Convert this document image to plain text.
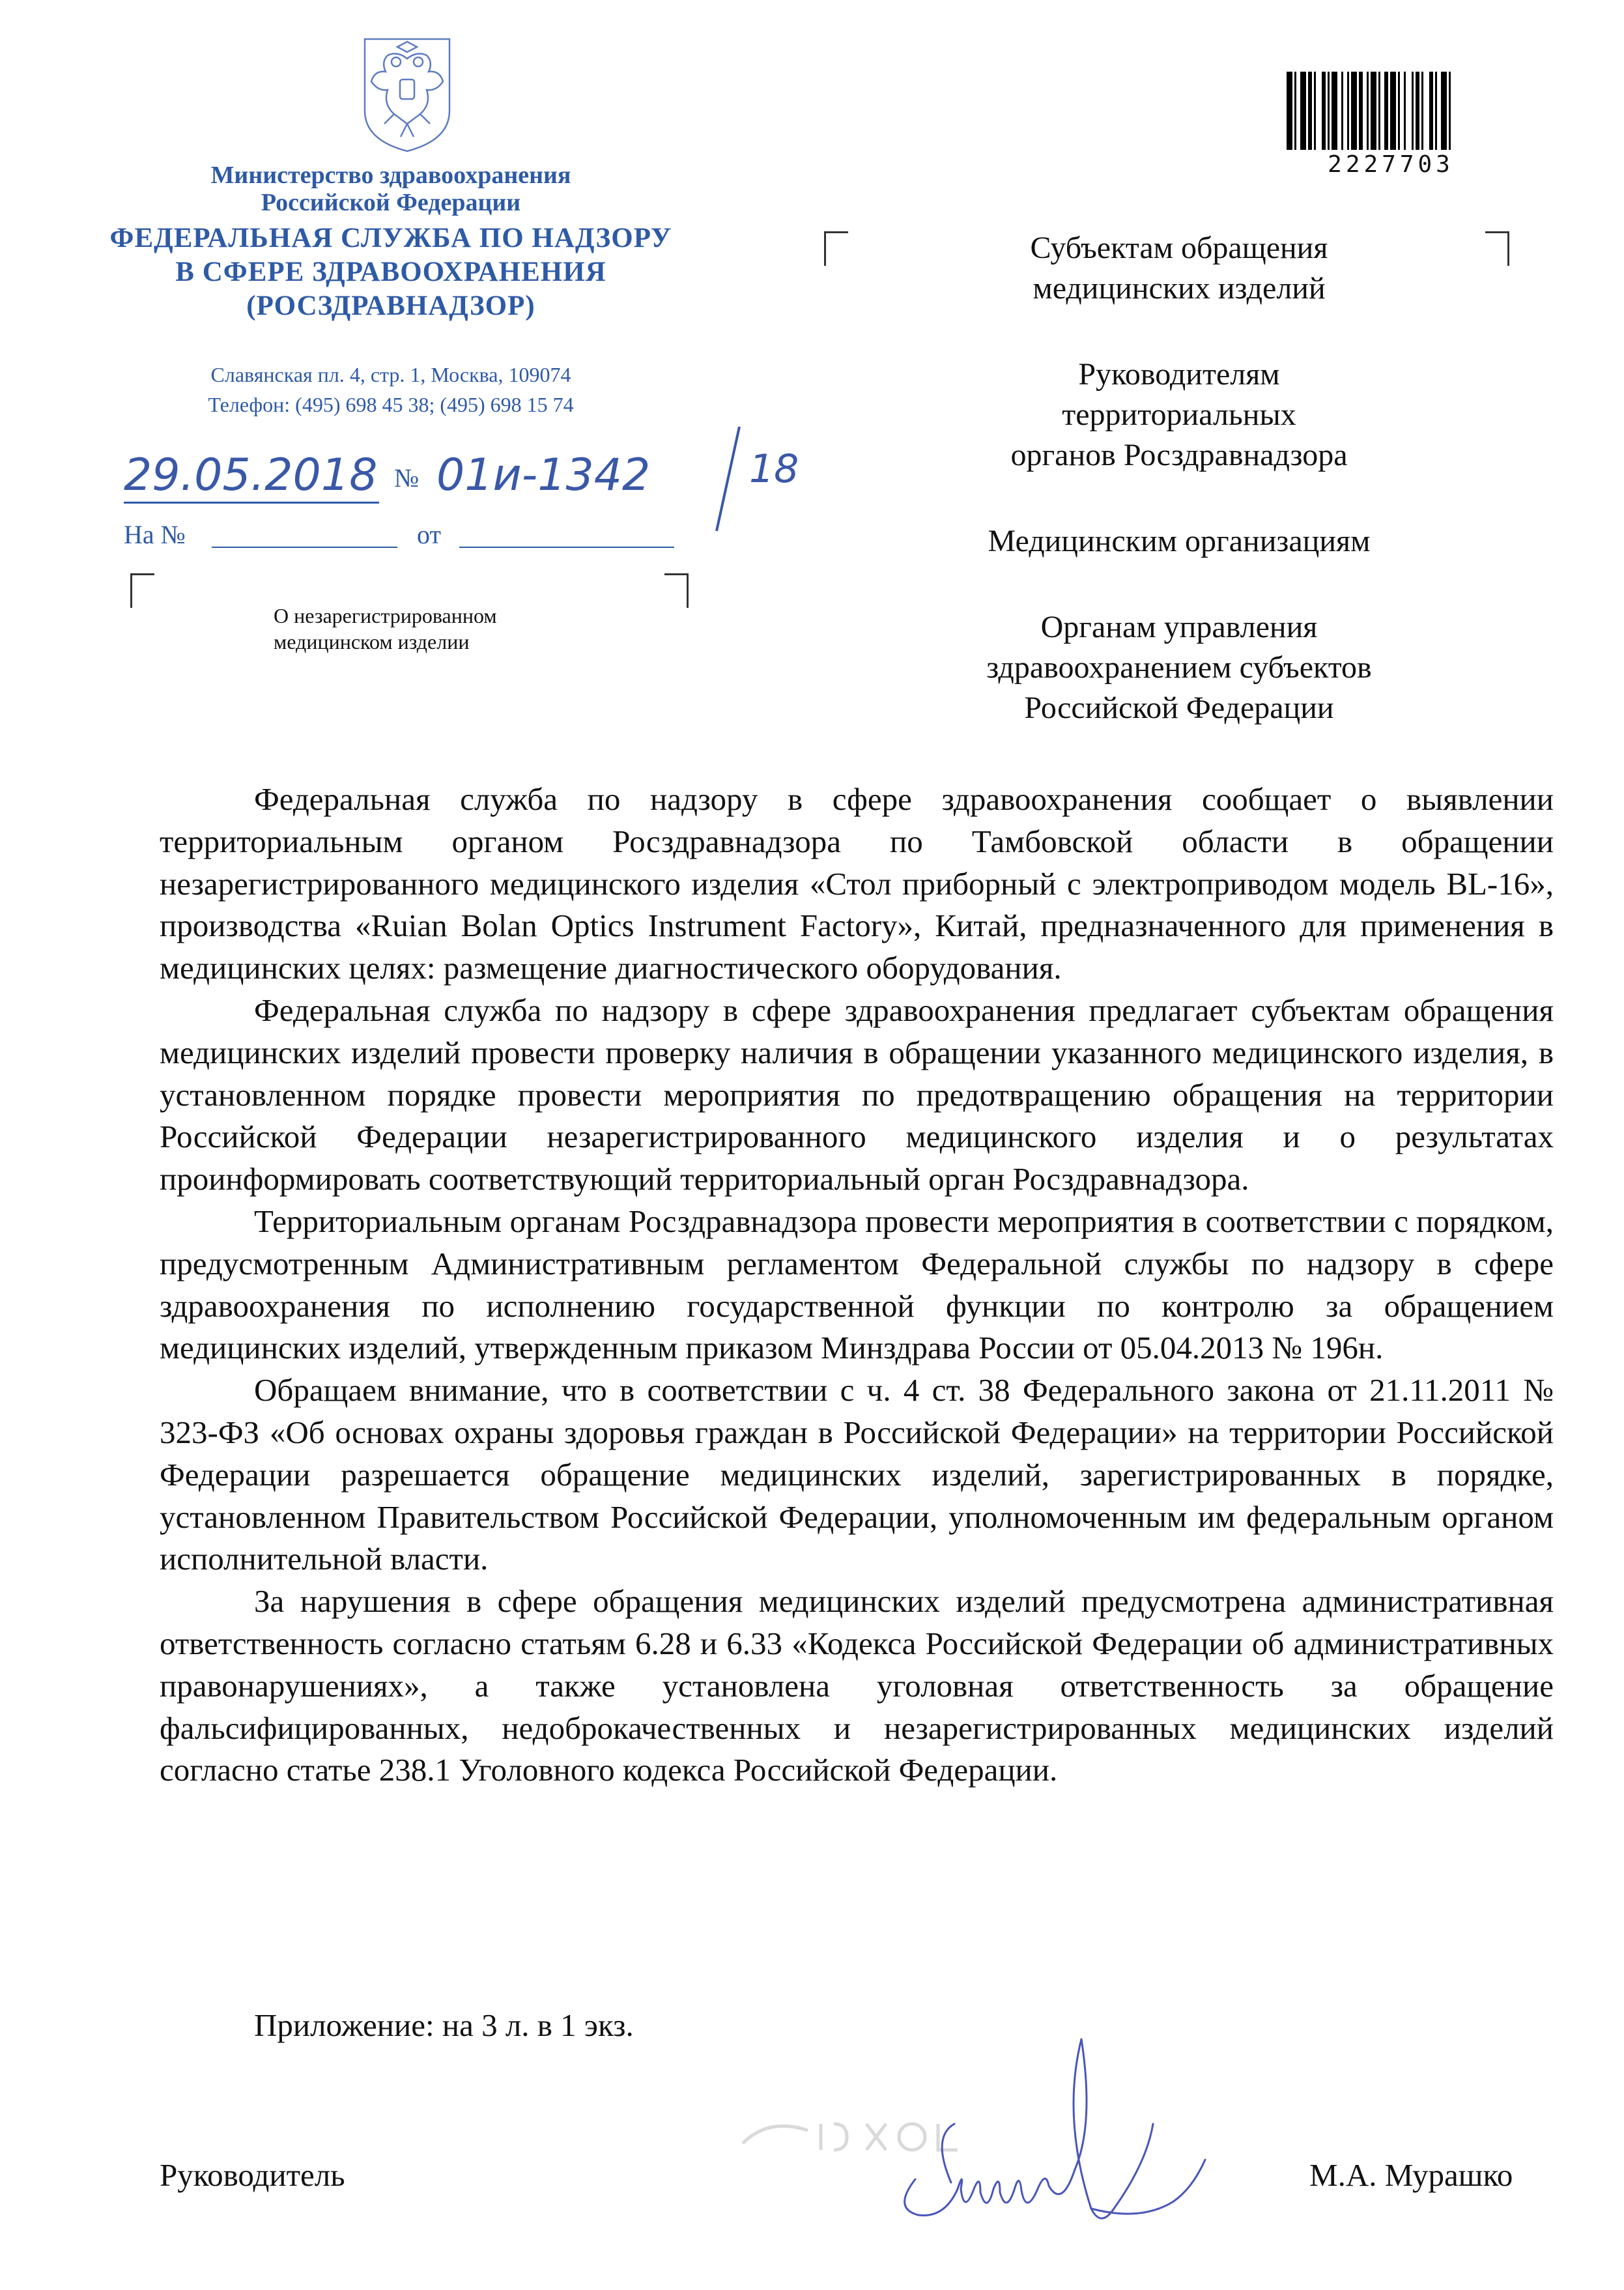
Министерство здравоохранения
Российской Федерации
ФЕДЕРАЛЬНАЯ СЛУЖБА ПО НАДЗОРУ
В СФЕРЕ ЗДРАВООХРАНЕНИЯ
(РОСЗДРАВНАДЗОР)
Славянская пл. 4, стр. 1, Москва, 109074
Телефон: (495) 698 45 38; (495) 698 15 74
29.05.2018 № 01и-1342	18
На №	от
О незарегистрированном
медицинском изделии
2227703
Субъектам обращения
медицинских изделий
Руководителям
территориальных
органов Росздравнадзора
Медицинским организациям
Органам управления
здравоохранением субъектов
Российской Федерации

Федеральная служба по надзору в сфере здравоохранения сообщает о выявлении территориальным органом Росздравнадзора по Тамбовской области в обращении незарегистрированного медицинского изделия «Стол приборный с электроприводом модель BL-16», производства «Ruian Bolan Optics Instrument Factory», Китай, предназначенного для применения в медицинских целях: размещение диагностического оборудования.

Федеральная служба по надзору в сфере здравоохранения предлагает субъектам обращения медицинских изделий провести проверку наличия в обращении указанного медицинского изделия, в установленном порядке провести мероприятия по предотвращению обращения на территории Российской Федерации незарегистрированного медицинского изделия и о результатах проинформировать соответствующий территориальный орган Росздравнадзора.

Территориальным органам Росздравнадзора провести мероприятия в соответствии с порядком, предусмотренным Административным регламентом Федеральной службы по надзору в сфере здравоохранения по исполнению государственной функции по контролю за обращением медицинских изделий, утвержденным приказом Минздрава России от 05.04.2013 № 196н.

Обращаем внимание, что в соответствии с ч. 4 ст. 38 Федерального закона от 21.11.2011 № 323-ФЗ «Об основах охраны здоровья граждан в Российской Федерации» на территории Российской Федерации разрешается обращение медицинских изделий, зарегистрированных в порядке, установленном Правительством Российской Федерации, уполномоченным им федеральным органом исполнительной власти.

За нарушения в сфере обращения медицинских изделий предусмотрена административная ответственность согласно статьям 6.28 и 6.33 «Кодекса Российской Федерации об административных правонарушениях», а также установлена уголовная ответственность за обращение фальсифицированных, недоброкачественных и незарегистрированных медицинских изделий согласно статье 238.1 Уголовного кодекса Российской Федерации.

Приложение: на 3 л. в 1 экз.
Руководитель	М.А. Мурашко
